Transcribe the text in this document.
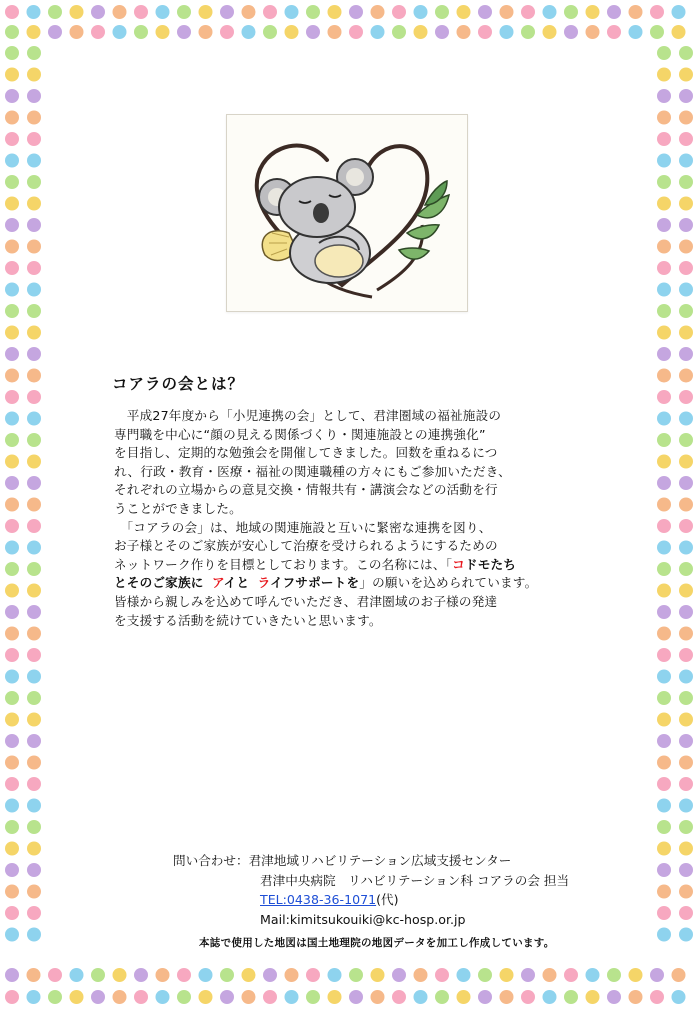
コアラの会とは？

　平成27年度から「小児連携の会」として、君津圏域の福祉施設の

専門職を中心に“顔の見える関係づくり・関連施設との連携強化”

を目指し、定期的な勉強会を開催してきました。回数を重ねるにつ

れ、行政・教育・医療・福祉の関連職種の方々にもご参加いただき、

それぞれの立場からの意見交換・情報共有・講演会などの活動を行

うことができました。

　「コアラの会」は、地域の関連施設と互いに緊密な連携を図り、

お子様とそのご家族が安心して治療を受けられるようにするための

ネットワーク作りを目標としております。この名称には、「コドモたち

とそのご家族に アイと ライフサポートを」の願いを込められています。

皆様から親しみを込めて呼んでいただき、君津圏域のお子様の発達

を支援する活動を続けていきたいと思います。

問い合わせ：君津地域リハビリテーション広域支援センター
君津中央病院　リハビリテーション科 コアラの会 担当
TEL:0438-36-1071(代)
Mail:kimitsukouiki@kc-hosp.or.jp
本誌で使用した地図は国土地理院の地図データを加工し作成しています。
